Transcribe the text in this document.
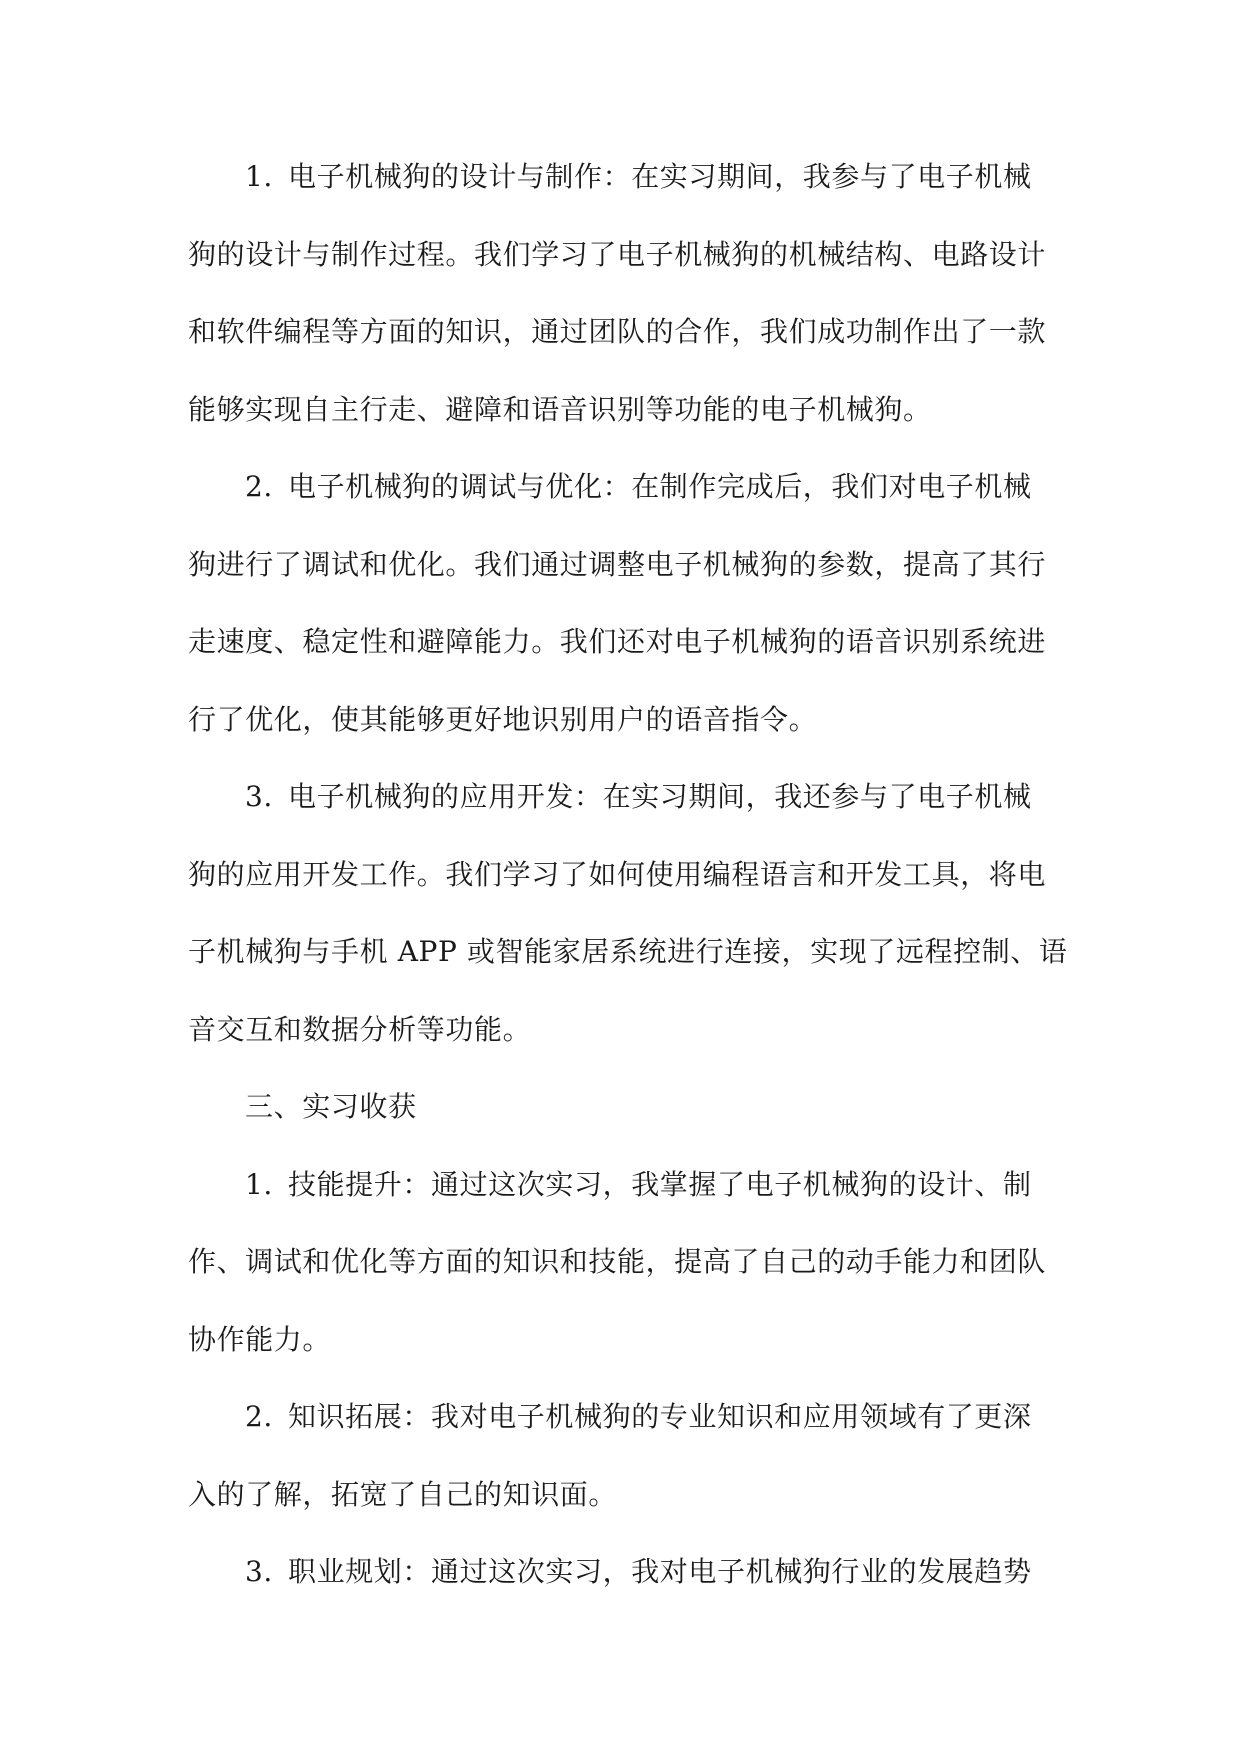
1. 电子机械狗的设计与制作：在实习期间，我参与了电子机械
狗的设计与制作过程。我们学习了电子机械狗的机械结构、电路设计
和软件编程等方面的知识，通过团队的合作，我们成功制作出了一款
能够实现自主行走、避障和语音识别等功能的电子机械狗。
2. 电子机械狗的调试与优化：在制作完成后，我们对电子机械
狗进行了调试和优化。我们通过调整电子机械狗的参数，提高了其行
走速度、稳定性和避障能力。我们还对电子机械狗的语音识别系统进
行了优化，使其能够更好地识别用户的语音指令。
3. 电子机械狗的应用开发：在实习期间，我还参与了电子机械
狗的应用开发工作。我们学习了如何使用编程语言和开发工具，将电
子机械狗与手机 APP 或智能家居系统进行连接，实现了远程控制、语
音交互和数据分析等功能。
三、实习收获
1. 技能提升：通过这次实习，我掌握了电子机械狗的设计、制
作、调试和优化等方面的知识和技能，提高了自己的动手能力和团队
协作能力。
2. 知识拓展：我对电子机械狗的专业知识和应用领域有了更深
入的了解，拓宽了自己的知识面。
3. 职业规划：通过这次实习，我对电子机械狗行业的发展趋势
